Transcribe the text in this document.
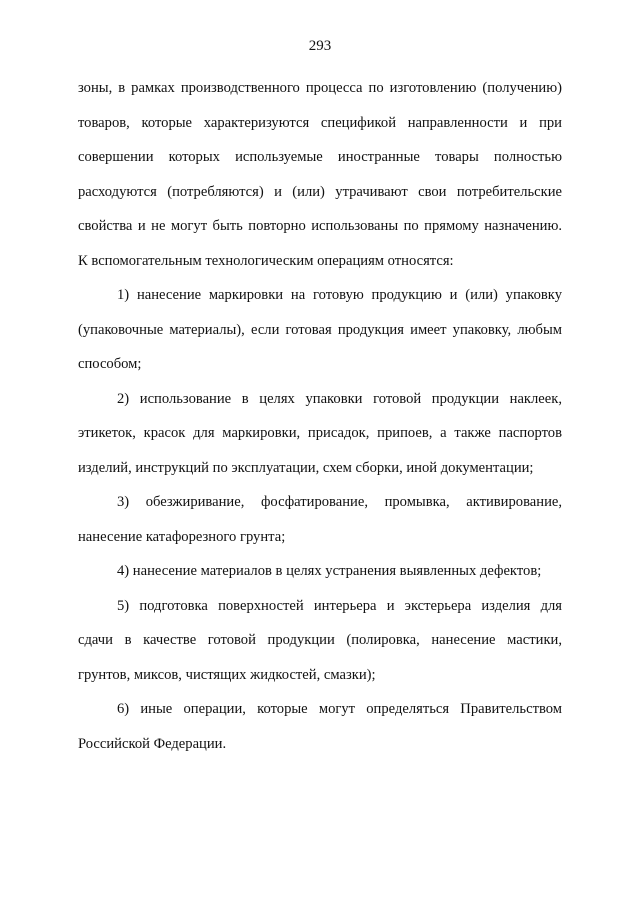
293
зоны, в рамках производственного процесса по изготовлению (получению)
товаров, которые характеризуются спецификой направленности и при
совершении которых используемые иностранные товары полностью
расходуются (потребляются) и (или) утрачивают свои потребительские
свойства и не могут быть повторно использованы по прямому назначению.
К вспомогательным технологическим операциям относятся:
1) нанесение маркировки на готовую продукцию и (или) упаковку
(упаковочные материалы), если готовая продукция имеет упаковку, любым
способом;
2) использование в целях упаковки готовой продукции наклеек,
этикеток, красок для маркировки, присадок, припоев, а также паспортов
изделий, инструкций по эксплуатации, схем сборки, иной документации;
3) обезжиривание, фосфатирование, промывка, активирование,
нанесение катафорезного грунта;
4) нанесение материалов в целях устранения выявленных дефектов;
5) подготовка поверхностей интерьера и экстерьера изделия для
сдачи в качестве готовой продукции (полировка, нанесение мастики,
грунтов, миксов, чистящих жидкостей, смазки);
6) иные операции, которые могут определяться Правительством
Российской Федерации.
